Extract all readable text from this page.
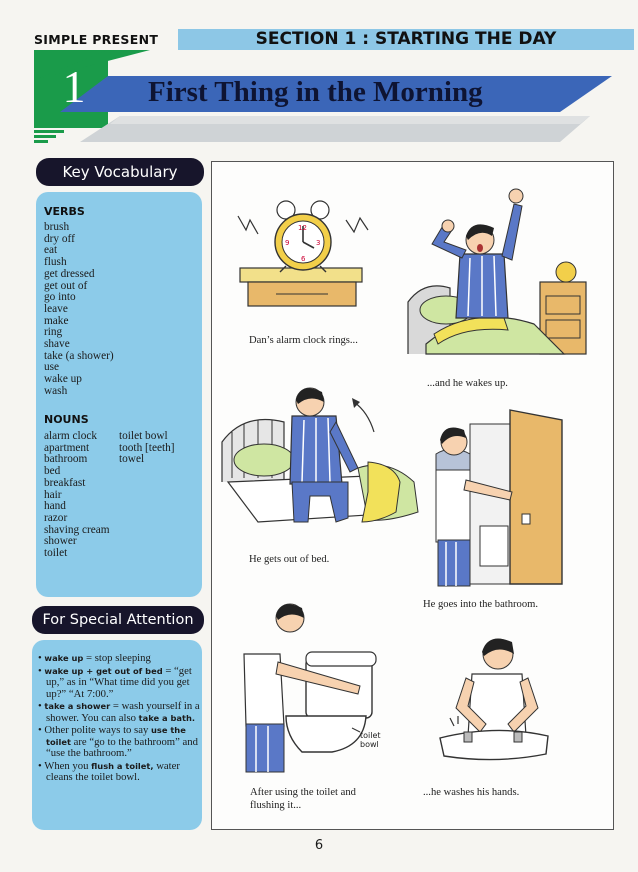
SIMPLE PRESENT	SECTION 1 : STARTING THE DAY
1 First Thing in the Morning
Key Vocabulary
VERBS
brush
dry off
eat
flush
get dressed
get out of
go into
leave
make
ring
shave
take (a shower)
use
wake up
wash
NOUNS
alarm clock
apartment
bathroom
bed
breakfast
hair
hand
razor
shaving cream
shower
toilet
toilet bowl
tooth [teeth]
towel
For Special Attention
• wake up = stop sleeping
• wake up + get out of bed = “get up,” as in “What time did you get up?” “At 7:00.”
• take a shower = wash yourself in a shower. You can also take a bath.
• Other polite ways to say use the toilet are “go to the bathroom” and “use the bathroom.”
• When you flush a toilet, water cleans the toilet bowl.
12
3
6
9
Dan’s alarm clock rings...
...and he wakes up.
He gets out of bed.
He goes into the bathroom.
toilet
bowl
After using the toilet and
flushing it...
...he washes his hands.
6
